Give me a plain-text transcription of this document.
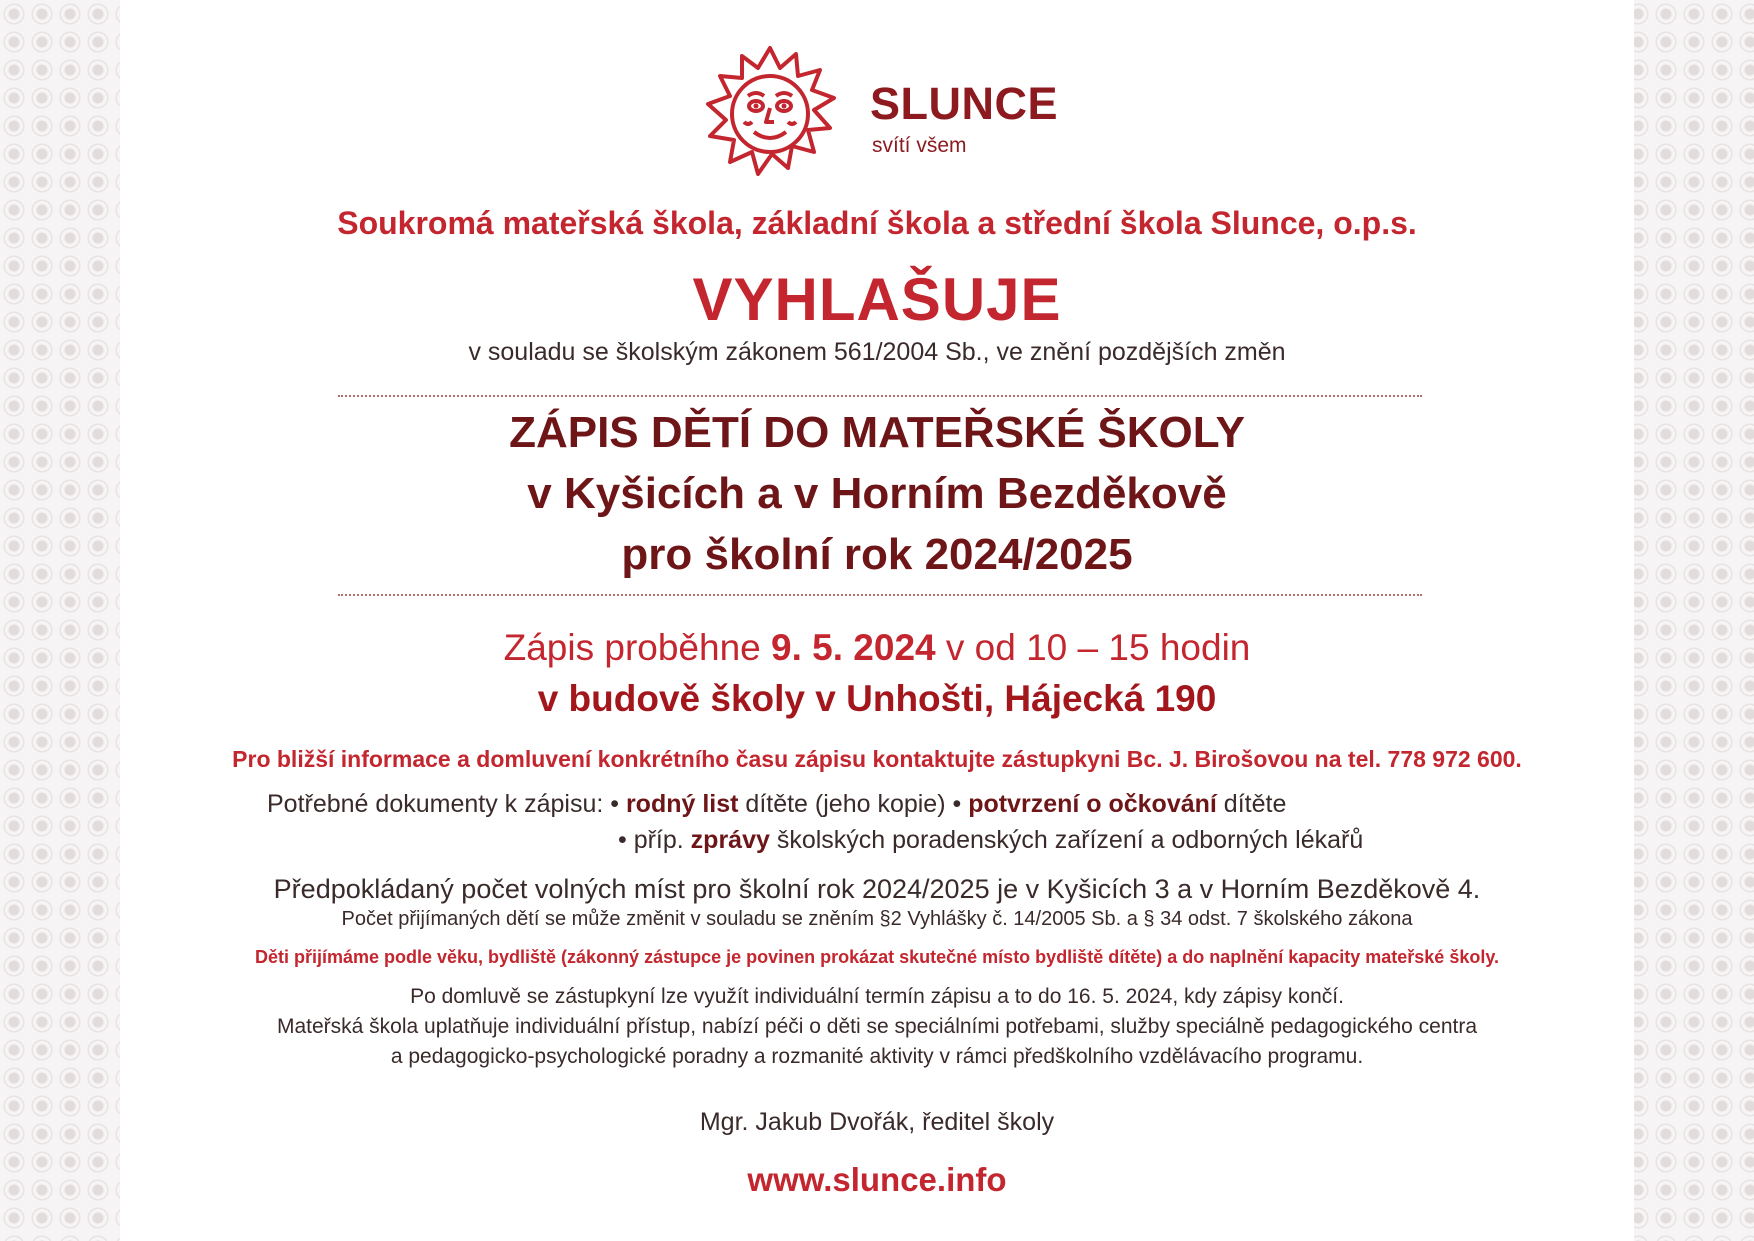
SLUNCE
svítí všem
Soukromá mateřská škola, základní škola a střední škola Slunce, o.p.s.
VYHLAŠUJE
v souladu se školským zákonem 561/2004 Sb., ve znění pozdějších změn
ZÁPIS DĚTÍ DO MATEŘSKÉ ŠKOLY
v Kyšicích a v Horním Bezděkově
pro školní rok 2024/2025
Zápis proběhne 9. 5. 2024 v od 10 – 15 hodin
v budově školy v Unhošti, Hájecká 190
Pro bližší informace a domluvení konkrétního času zápisu kontaktujte zástupkyni Bc. J. Birošovou na tel. 778 972 600.
Potřebné dokumenty k zápisu: • rodný list dítěte (jeho kopie) • potvrzení o očkování dítěte
• příp. zprávy školských poradenských zařízení a odborných lékařů
Předpokládaný počet volných míst pro školní rok 2024/2025 je v Kyšicích 3 a v Horním Bezděkově 4.
Počet přijímaných dětí se může změnit v souladu se zněním §2 Vyhlášky č. 14/2005 Sb. a § 34 odst. 7 školského zákona
Děti přijímáme podle věku, bydliště (zákonný zástupce je povinen prokázat skutečné místo bydliště dítěte) a do naplnění kapacity mateřské školy.
Po domluvě se zástupkyní lze využít individuální termín zápisu a to do 16. 5. 2024, kdy zápisy končí.
Mateřská škola uplatňuje individuální přístup, nabízí péči o děti se speciálními potřebami, služby speciálně pedagogického centra
a pedagogicko-psychologické poradny a rozmanité aktivity v rámci předškolního vzdělávacího programu.
Mgr. Jakub Dvořák, ředitel školy
www.slunce.info
